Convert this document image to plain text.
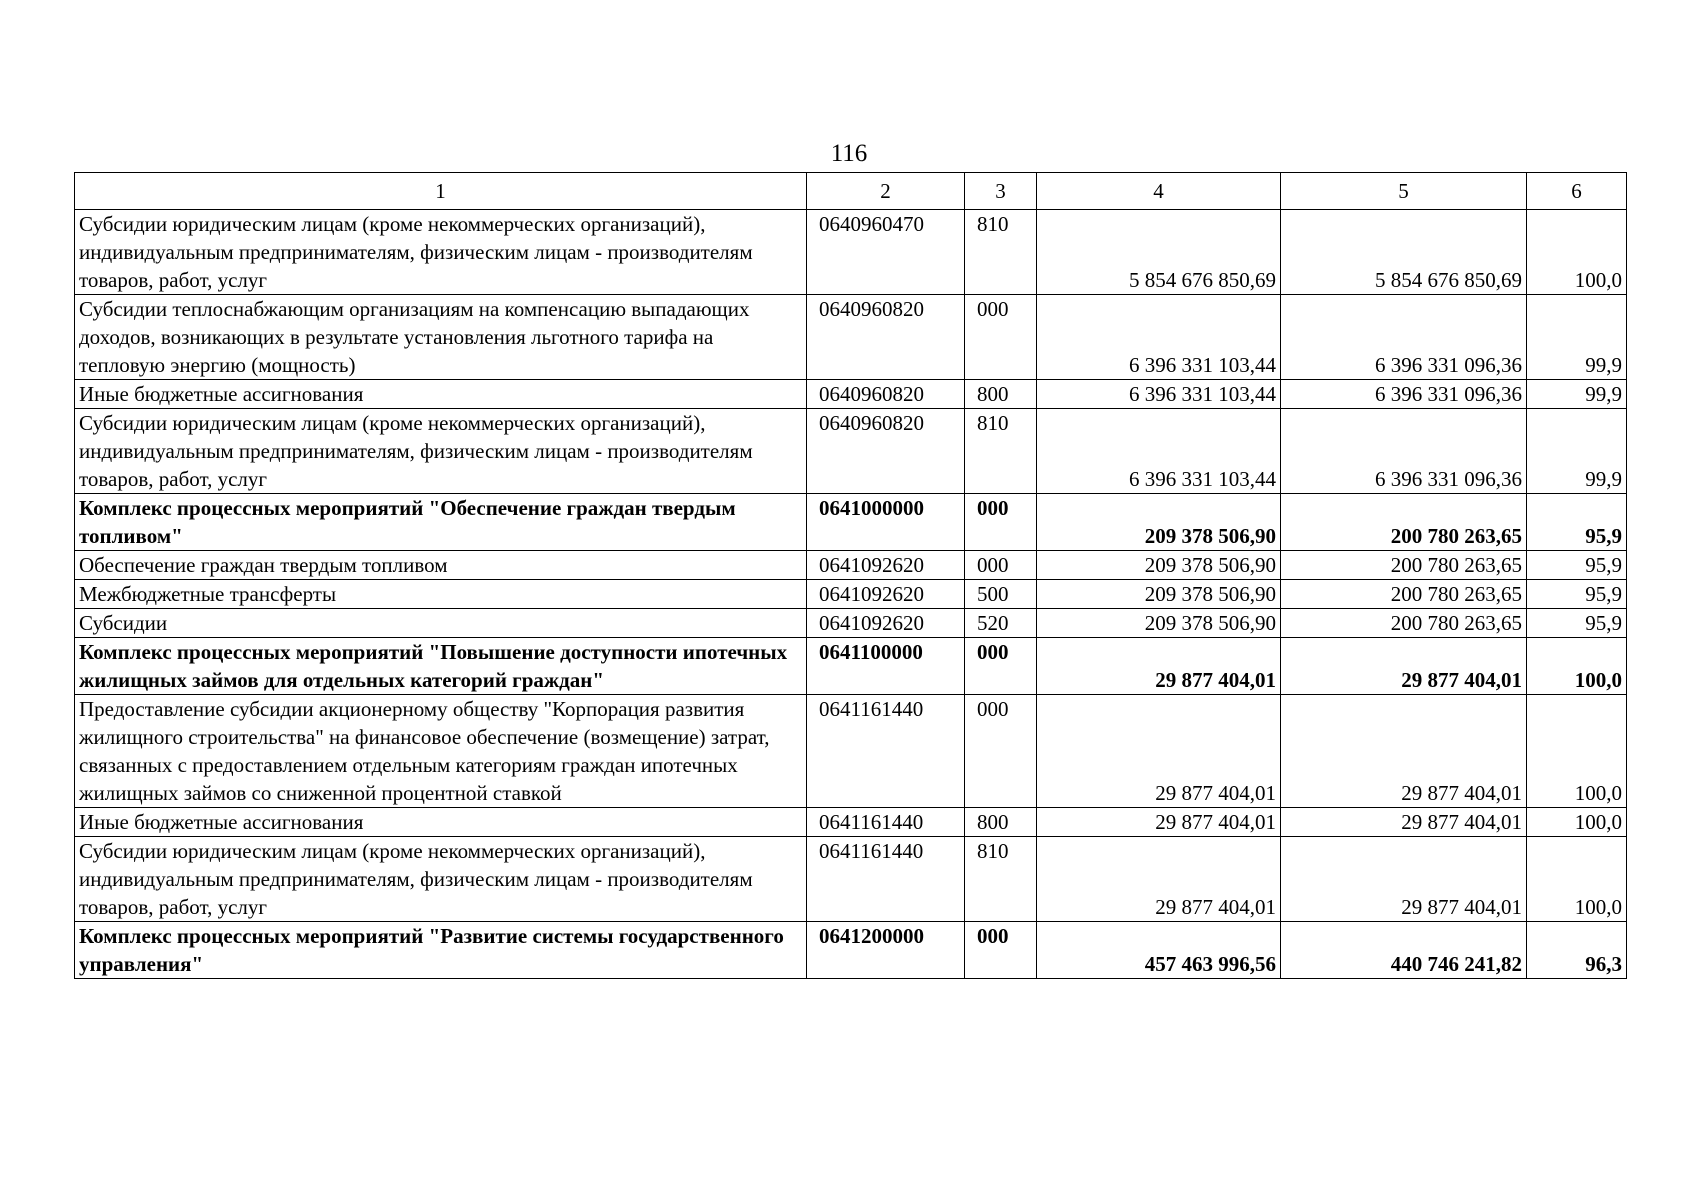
116
1	2	3	4	5	6
Субсидии юридическим лицам (кроме некоммерческих организаций), индивидуальным предпринимателям, физическим лицам - производителям товаров, работ, услуг	0640960470	810	5 854 676 850,69	5 854 676 850,69	100,0
Субсидии теплоснабжающим организациям на компенсацию выпадающих доходов, возникающих в результате установления льготного тарифа на тепловую энергию (мощность)	0640960820	000	6 396 331 103,44	6 396 331 096,36	99,9
Иные бюджетные ассигнования	0640960820	800	6 396 331 103,44	6 396 331 096,36	99,9
Субсидии юридическим лицам (кроме некоммерческих организаций), индивидуальным предпринимателям, физическим лицам - производителям товаров, работ, услуг	0640960820	810	6 396 331 103,44	6 396 331 096,36	99,9
Комплекс процессных мероприятий "Обеспечение граждан твердым топливом"	0641000000	000	209 378 506,90	200 780 263,65	95,9
Обеспечение граждан твердым топливом	0641092620	000	209 378 506,90	200 780 263,65	95,9
Межбюджетные трансферты	0641092620	500	209 378 506,90	200 780 263,65	95,9
Субсидии	0641092620	520	209 378 506,90	200 780 263,65	95,9
Комплекс процессных мероприятий "Повышение доступности ипотечных жилищных займов для отдельных категорий граждан"	0641100000	000	29 877 404,01	29 877 404,01	100,0
Предоставление субсидии акционерному обществу "Корпорация развития жилищного строительства" на финансовое обеспечение (возмещение) затрат, связанных с предоставлением отдельным категориям граждан ипотечных жилищных займов со сниженной процентной ставкой	0641161440	000	29 877 404,01	29 877 404,01	100,0
Иные бюджетные ассигнования	0641161440	800	29 877 404,01	29 877 404,01	100,0
Субсидии юридическим лицам (кроме некоммерческих организаций), индивидуальным предпринимателям, физическим лицам - производителям товаров, работ, услуг	0641161440	810	29 877 404,01	29 877 404,01	100,0
Комплекс процессных мероприятий "Развитие системы государственного управления"	0641200000	000	457 463 996,56	440 746 241,82	96,3
